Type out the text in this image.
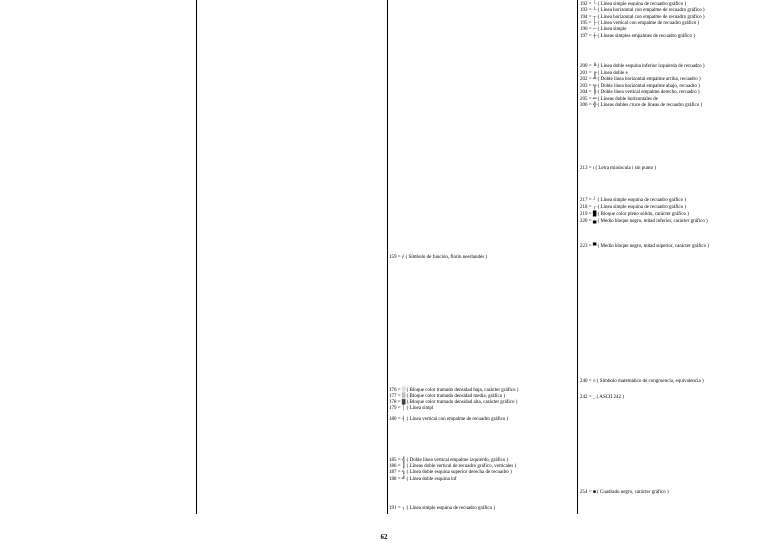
159 = ƒ ( Símbolo de función, florín neerlandés )
176 = ░ ( Bloque color tramado densidad baja, carácter gráfico )
177 = ▒ ( Bloque color tramado densidad media, gráfico )
178 = ▓ ( Bloque color tramado densidad alta, carácter gráfico )
179 = │ ( Línea simpl
180 = ┤ ( Línea vertical con empalme de recuadro gráfico )
185 = ╣ ( Doble línea vertical empalme izquierdo, gráfico )
186 = ║ ( Líneas doble vertical de recuadro gráfico, verticales )
187 = ╗ ( Línea doble esquina superior derecha de recuadro )
188 = ╝ ( Línea doble esquina inf
191 = ┐ ( Línea simple esquina de recuadro gráfico )
192 = └ ( Línea simple esquina de recuadro gráfico )
193 = ┴ ( Línea horizontal con empalme de recuadro gráfico )
194 = ┬ ( Línea horizontal con empalme de recuadro gráfico )
195 = ├ ( Línea vertical con empalme de recuadro gráfico )
196 = ─ ( Línea simple
197 = ┼ ( Líneas simples empalmes de recuadro gráfico )
200 = ╚ ( Línea doble esquina inferior izquierda de recuadro )
201 = ╔ ( Línea doble e
202 = ╩ ( Doble línea horizontal empalme arriba, recuadro )
203 = ╦ ( Doble línea horizontal empalme abajo, recuadro )
204 = ╠ ( Doble línea vertical empalme derecho, recuadro )
205 = ═ ( Líneas doble horizontales de
206 = ╬ ( Líneas dobles cruce de líneas de recuadro gráfico )
213 = ı ( Letra minúscula i sin punto )
217 = ┘ ( Línea simple esquina de recuadro gráfico )
218 = ┌ ( Línea simple esquina de recuadro gráfico )
219 = █ ( Bloque color pleno sólido, carácter gráfico )
220 = ▄ ( Medio bloque negro, mitad inferior, carácter gráfico )
223 = ▀ ( Medio bloque negro, mitad superior, carácter gráfico )
240 = ≡ ( Símbolo matemático de congruencia, equivalencia )
242 = _ ( ASCII 242 )
254 = ■ ( Cuadrado negro, carácter gráfico )
62
